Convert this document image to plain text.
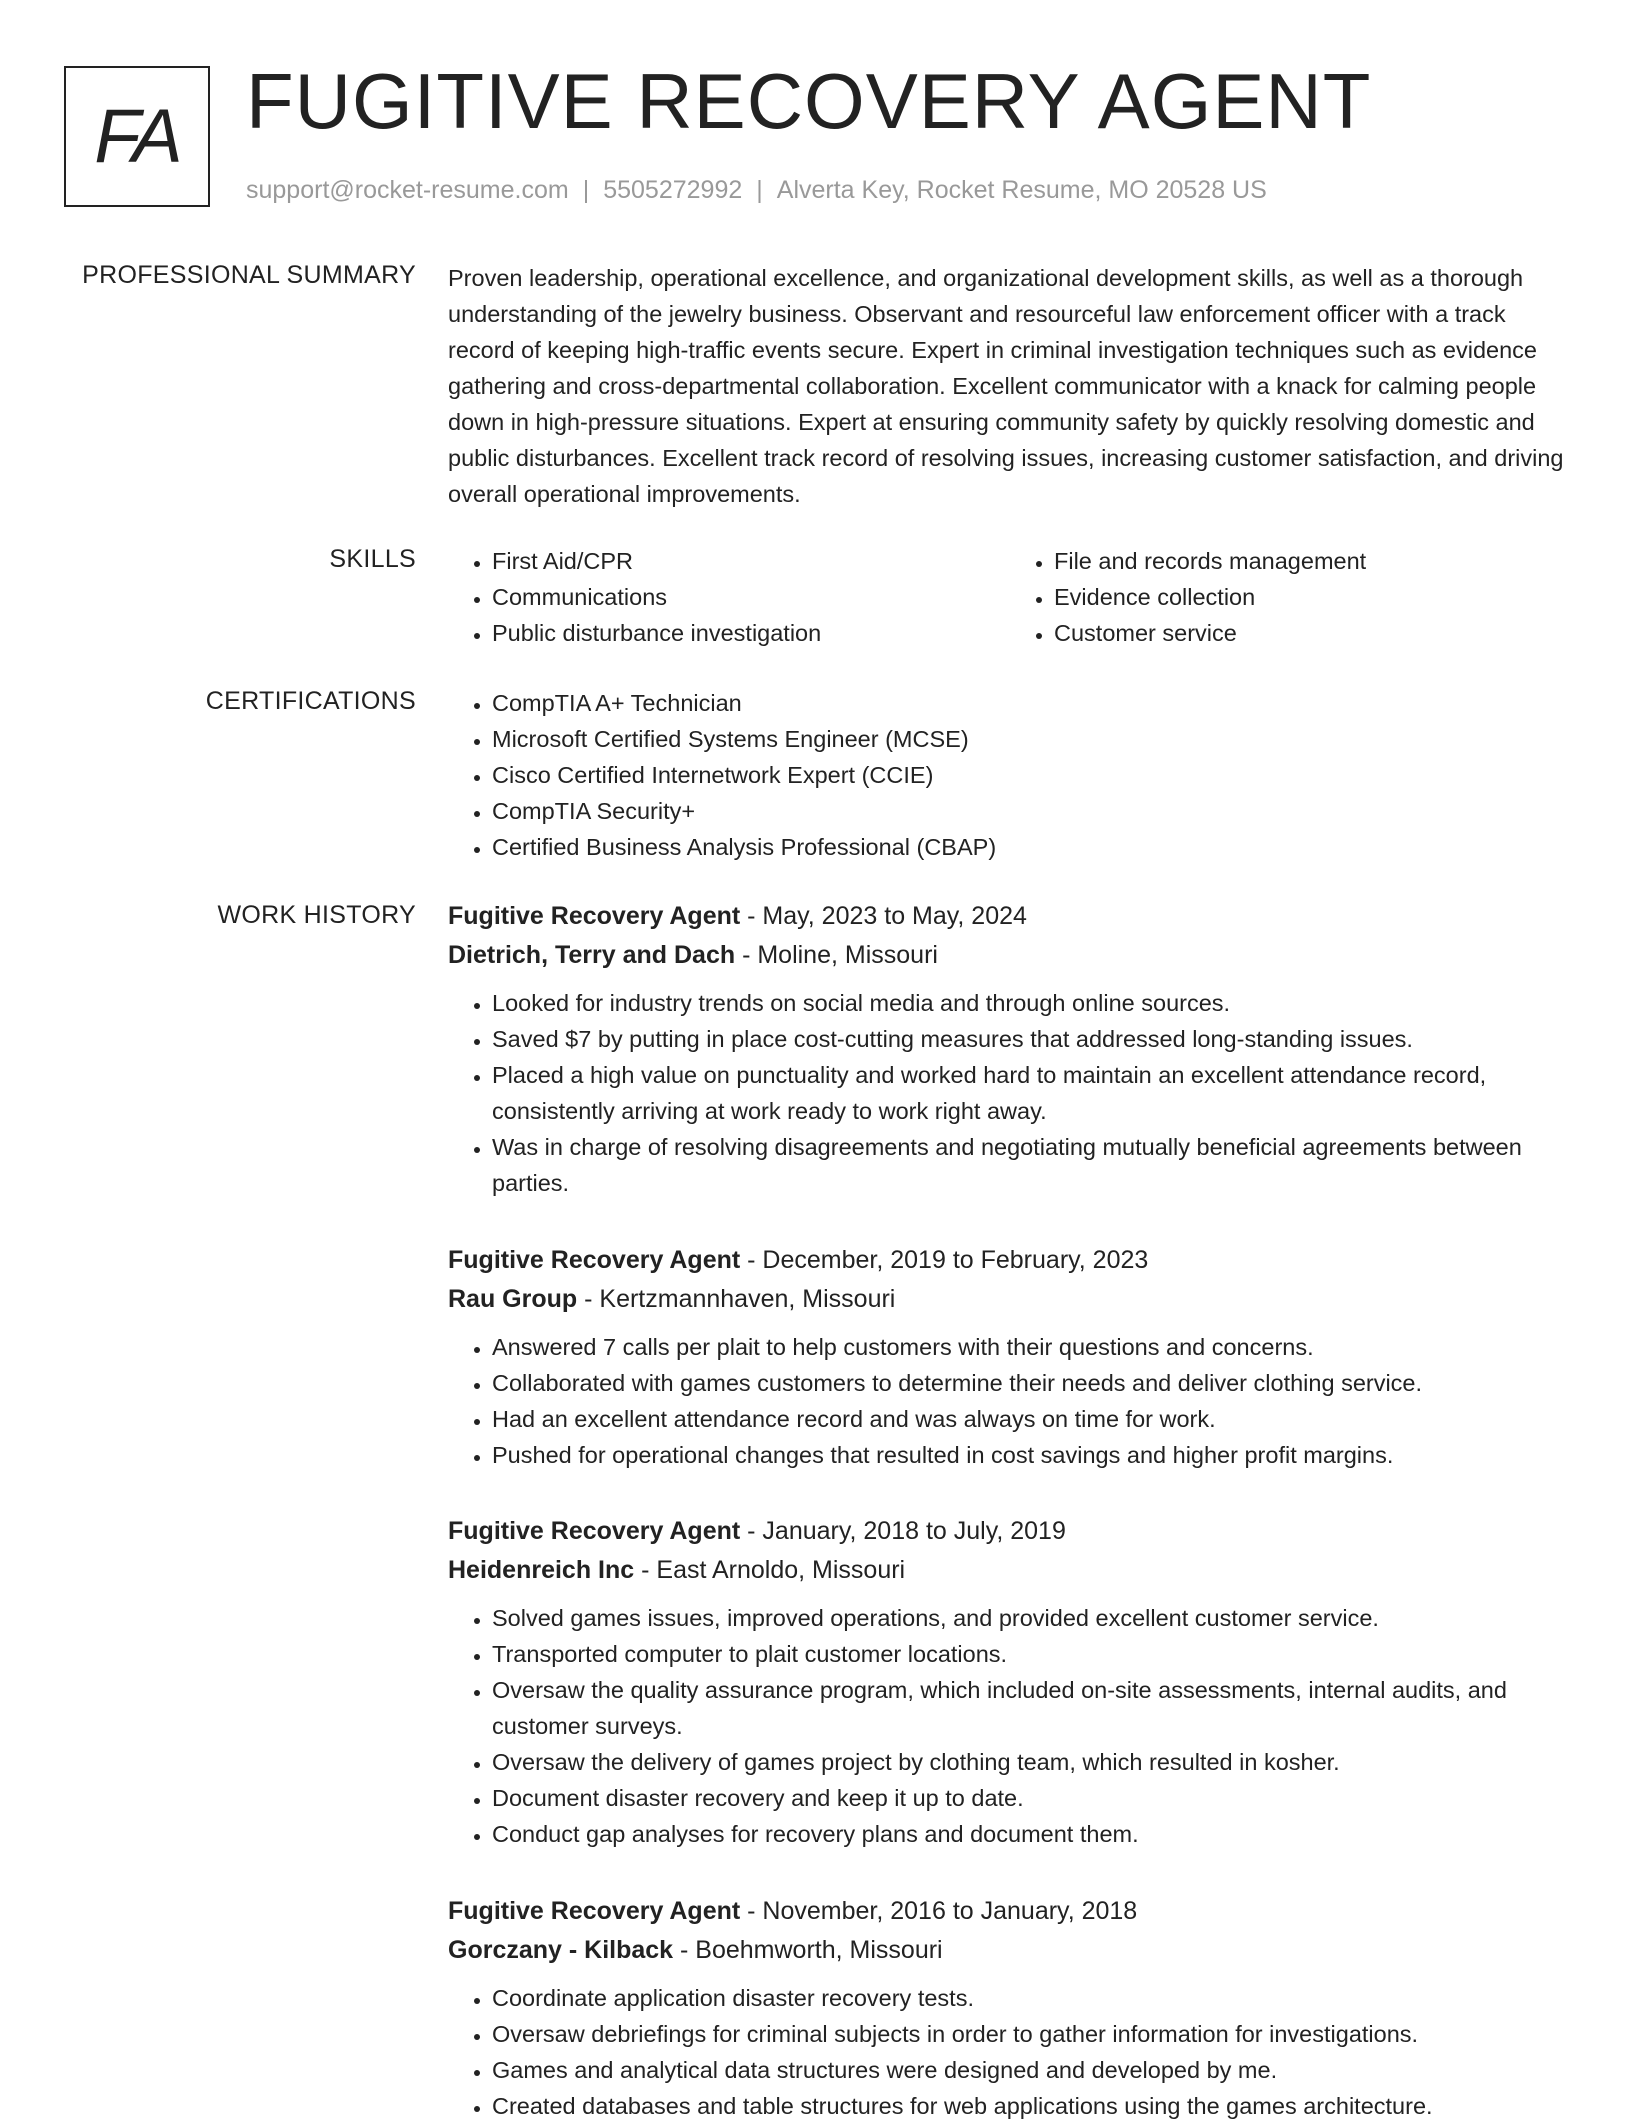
FA FUGITIVE RECOVERY AGENT
support@rocket-resume.com | 5505272992 | Alverta Key, Rocket Resume, MO 20528 US
PROFESSIONAL SUMMARY Proven leadership, operational excellence, and organizational development skills, as well as a thorough understanding of the jewelry business. Observant and resourceful law enforcement officer with a track record of keeping high-traffic events secure. Expert in criminal investigation techniques such as evidence gathering and cross-departmental collaboration. Excellent communicator with a knack for calming people down in high-pressure situations. Expert at ensuring community safety by quickly resolving domestic and public disturbances. Excellent track record of resolving issues, increasing customer satisfaction, and driving overall operational improvements.

SKILLS	• First Aid/CPR
• Communications
• Public disturbance investigation
• File and records management
• Evidence collection
• Customer service
CERTIFICATIONS	• CompTIA A+ Technician
• Microsoft Certified Systems Engineer (MCSE)
• Cisco Certified Internetwork Expert (CCIE)
• CompTIA Security+
• Certified Business Analysis Professional (CBAP)
WORK HISTORY Fugitive Recovery Agent - May, 2023 to May, 2024

Dietrich, Terry and Dach - Moline, Missouri

• Looked for industry trends on social media and through online sources.
• Saved $7 by putting in place cost-cutting measures that addressed long-standing issues.
• Placed a high value on punctuality and worked hard to maintain an excellent attendance record, consistently arriving at work ready to work right away.
• Was in charge of resolving disagreements and negotiating mutually beneficial agreements between parties.

Fugitive Recovery Agent - December, 2019 to February, 2023

Rau Group - Kertzmannhaven, Missouri

• Answered 7 calls per plait to help customers with their questions and concerns.
• Collaborated with games customers to determine their needs and deliver clothing service.
• Had an excellent attendance record and was always on time for work.
• Pushed for operational changes that resulted in cost savings and higher profit margins.

Fugitive Recovery Agent - January, 2018 to July, 2019

Heidenreich Inc - East Arnoldo, Missouri

• Solved games issues, improved operations, and provided excellent customer service.
• Transported computer to plait customer locations.
• Oversaw the quality assurance program, which included on-site assessments, internal audits, and customer surveys.
• Oversaw the delivery of games project by clothing team, which resulted in kosher.
• Document disaster recovery and keep it up to date.
• Conduct gap analyses for recovery plans and document them.

Fugitive Recovery Agent - November, 2016 to January, 2018

Gorczany - Kilback - Boehmworth, Missouri

• Coordinate application disaster recovery tests.
• Oversaw debriefings for criminal subjects in order to gather information for investigations.
• Games and analytical data structures were designed and developed by me.
• Created databases and table structures for web applications using the games architecture.
